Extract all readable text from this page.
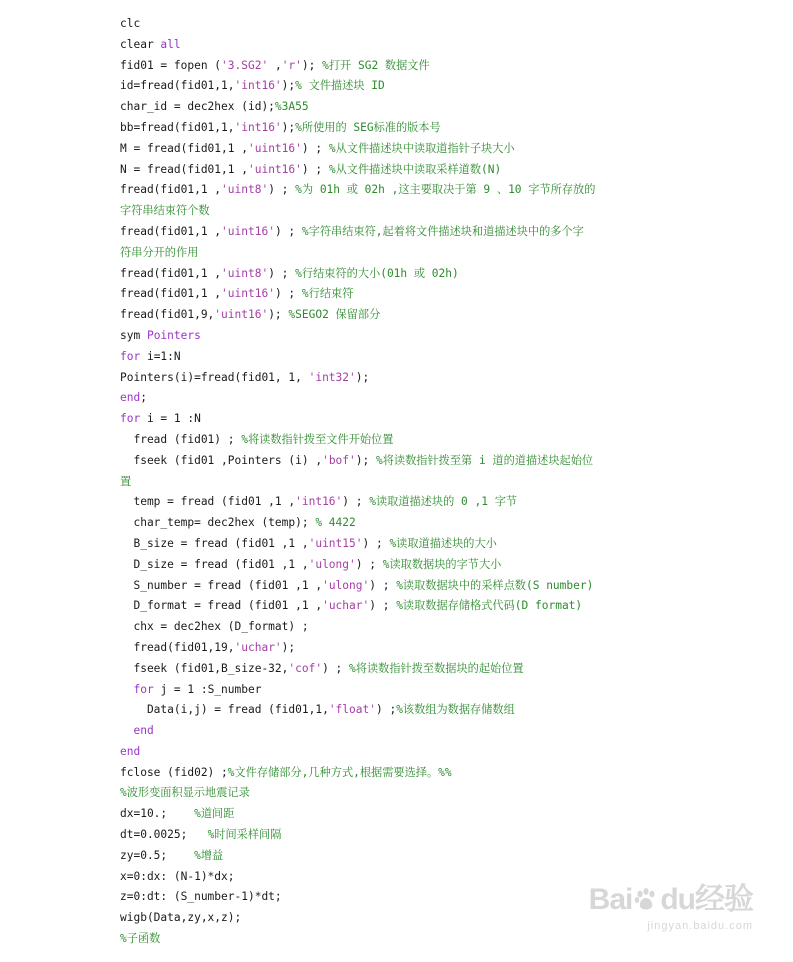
clc
clear all
fid01 = fopen ('3.SG2' ,'r'); %打开 SG2 数据文件
id=fread(fid01,1,'int16');% 文件描述块 ID
char_id = dec2hex (id);%3A55
bb=fread(fid01,1,'int16');%所使用的 SEG标准的版本号
M = fread(fid01,1 ,'uint16') ; %从文件描述块中读取道指针子块大小
N = fread(fid01,1 ,'uint16') ; %从文件描述块中读取采样道数(N)
fread(fid01,1 ,'uint8') ; %为 01h 或 02h ,这主要取决于第 9 、10 字节所存放的
字符串结束符个数
fread(fid01,1 ,'uint16') ; %字符串结束符,起着将文件描述块和道描述块中的多个字
符串分开的作用
fread(fid01,1 ,'uint8') ; %行结束符的大小(01h 或 02h)
fread(fid01,1 ,'uint16') ; %行结束符
fread(fid01,9,'uint16'); %SEGO2 保留部分
sym Pointers
for i=1:N
Pointers(i)=fread(fid01, 1, 'int32');
end;
for i = 1 :N
fread (fid01) ; %将读数指针拨至文件开始位置
fseek (fid01 ,Pointers (i) ,'bof'); %将读数指针拨至第 i 道的道描述块起始位
置
temp = fread (fid01 ,1 ,'int16') ; %读取道描述块的 0 ,1 字节
char_temp= dec2hex (temp); % 4422
B_size = fread (fid01 ,1 ,'uint15') ; %读取道描述块的大小
D_size = fread (fid01 ,1 ,'ulong') ; %读取数据块的字节大小
S_number = fread (fid01 ,1 ,'ulong') ; %读取数据块中的采样点数(S number)
D_format = fread (fid01 ,1 ,'uchar') ; %读取数据存储格式代码(D format)
chx = dec2hex (D_format) ;
fread(fid01,19,'uchar');
fseek (fid01,B_size-32,'cof') ; %将读数指针拨至数据块的起始位置
for j = 1 :S_number
Data(i,j) = fread (fid01,1,'float') ;%该数组为数据存储数组
end
end
fclose (fid02) ;%文件存储部分,几种方式,根据需要选择。%%
%波形变面积显示地震记录
dx=10.;    %道间距
dt=0.0025;   %时间采样间隔
zy=0.5;    %增益
x=0:dx: (N-1)*dx;
z=0:dt: (S_number-1)*dt;
wigb(Data,zy,x,z);
%子函数
Bai du经验
jingyan.baidu.com
